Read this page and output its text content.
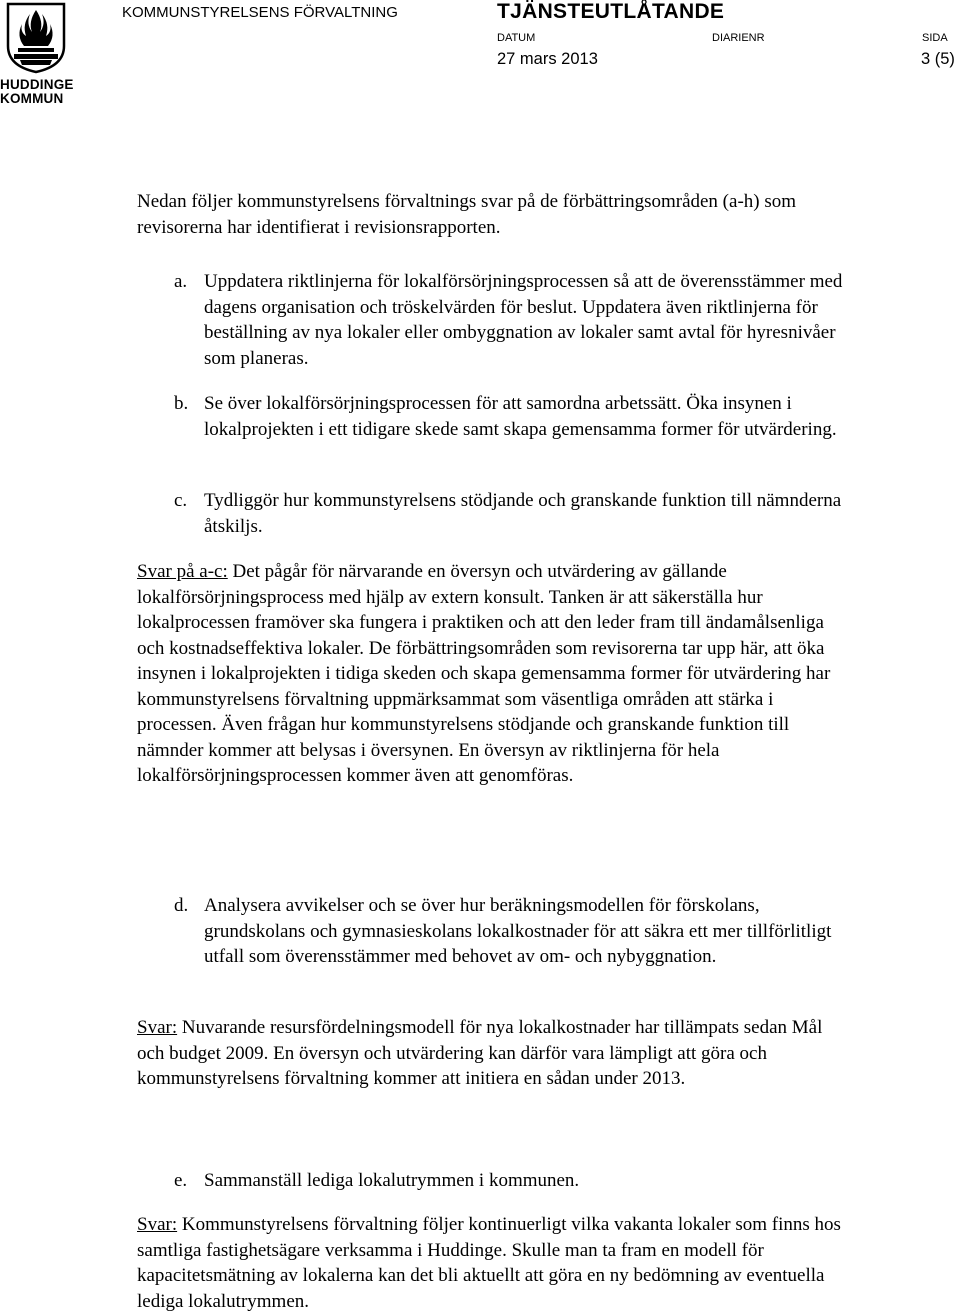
HUDDINGE
KOMMUN
KOMMUNSTYRELSENS FÖRVALTNING	TJÄNSTEUTLÅTANDE
DATUM	DIARIENR	SIDA
27 mars 2013	3 (5)

Nedan följer kommunstyrelsens förvaltnings svar på de förbättringsområden (a-h) som revisorerna har identifierat i revisionsrapporten.

a. Uppdatera riktlinjerna för lokalförsörjningsprocessen så att de överensstämmer med dagens organisation och tröskelvärden för beslut. Uppdatera även riktlinjerna för beställning av nya lokaler eller ombyggnation av lokaler samt avtal för hyresnivåer som planeras.
b. Se över lokalförsörjningsprocessen för att samordna arbetssätt. Öka insynen i lokalprojekten i ett tidigare skede samt skapa gemensamma former för utvärdering.
c. Tydliggör hur kommunstyrelsens stödjande och granskande funktion till nämnderna åtskiljs.

Svar på a-c: Det pågår för närvarande en översyn och utvärdering av gällande lokalförsörjningsprocess med hjälp av extern konsult. Tanken är att säkerställa hur lokalprocessen framöver ska fungera i praktiken och att den leder fram till ändamålsenliga och kostnadseffektiva lokaler. De förbättringsområden som revisorerna tar upp här, att öka insynen i lokalprojekten i tidiga skeden och skapa gemensamma former för utvärdering har kommunstyrelsens förvaltning uppmärksammat som väsentliga områden att stärka i processen. Även frågan hur kommunstyrelsens stödjande och granskande funktion till nämnder kommer att belysas i översynen. En översyn av riktlinjerna för hela lokalförsörjningsprocessen kommer även att genomföras.

d. Analysera avvikelser och se över hur beräkningsmodellen för förskolans, grundskolans och gymnasieskolans lokalkostnader för att säkra ett mer tillförlitligt utfall som överensstämmer med behovet av om- och nybyggnation.

Svar: Nuvarande resursfördelningsmodell för nya lokalkostnader har tillämpats sedan Mål och budget 2009. En översyn och utvärdering kan därför vara lämpligt att göra och kommunstyrelsens förvaltning kommer att initiera en sådan under 2013.

e. Sammanställ lediga lokalutrymmen i kommunen.

Svar: Kommunstyrelsens förvaltning följer kontinuerligt vilka vakanta lokaler som finns hos samtliga fastighetsägare verksamma i Huddinge. Skulle man ta fram en modell för kapacitetsmätning av lokalerna kan det bli aktuellt att göra en ny bedömning av eventuella lediga lokalutrymmen.
